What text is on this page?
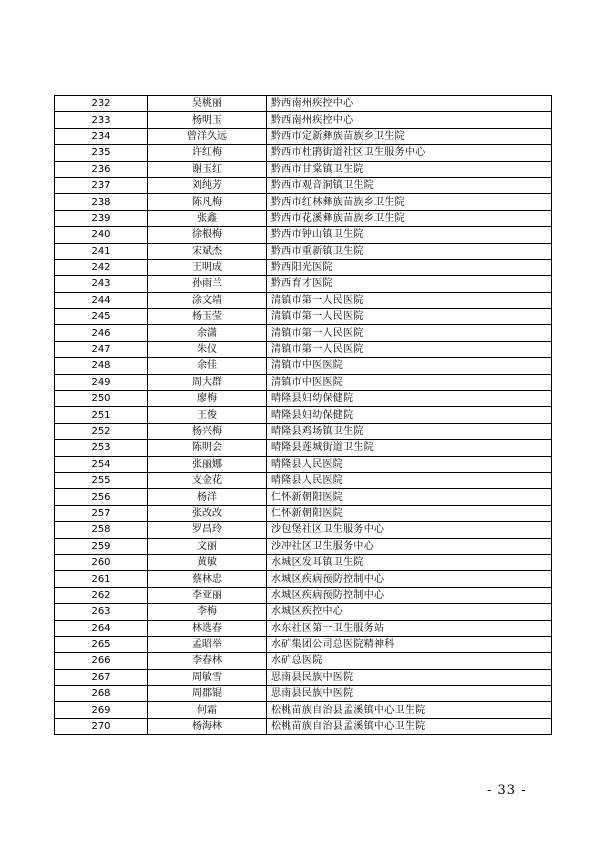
232	吴桃丽	黔西南州疾控中心
233	杨明玉	黔西南州疾控中心
234	曾洋久远	黔西市定新彝族苗族乡卫生院
235	许红梅	黔西市杜鹃街道社区卫生服务中心
236	谢玉红	黔西市甘棠镇卫生院
237	刘纯芳	黔西市观音洞镇卫生院
238	陈凡梅	黔西市红林彝族苗族乡卫生院
239	张鑫	黔西市花溪彝族苗族乡卫生院
240	徐根梅	黔西市钟山镇卫生院
241	宋斌杰	黔西市重新镇卫生院
242	王明成	黔西阳光医院
243	孙雨兰	黔西育才医院
244	涂文靖	清镇市第一人民医院
245	杨玉莹	清镇市第一人民医院
246	余潇	清镇市第一人民医院
247	朱仪	清镇市第一人民医院
248	余佳	清镇市中医医院
249	周大群	清镇市中医医院
250	廖梅	晴隆县妇幼保健院
251	王俊	晴隆县妇幼保健院
252	杨兴梅	晴隆县鸡场镇卫生院
253	陈明会	晴隆县莲城街道卫生院
254	张丽娜	晴隆县人民医院
255	支金花	晴隆县人民医院
256	杨洋	仁怀新朝阳医院
257	张改改	仁怀新朝阳医院
258	罗昌玲	沙包堡社区卫生服务中心
259	文丽	沙冲社区卫生服务中心
260	黄敏	水城区发耳镇卫生院
261	蔡林忠	水城区疾病预防控制中心
262	李亚丽	水城区疾病预防控制中心
263	李梅	水城区疾控中心
264	林选春	水东社区第一卫生服务站
265	孟昭举	水矿集团公司总医院精神科
266	李春林	水矿总医院
267	周敏雪	思南县民族中医院
268	周郡锟	思南县民族中医院
269	何霜	松桃苗族自治县孟溪镇中心卫生院
270	杨海林	松桃苗族自治县孟溪镇中心卫生院
- 33 -
